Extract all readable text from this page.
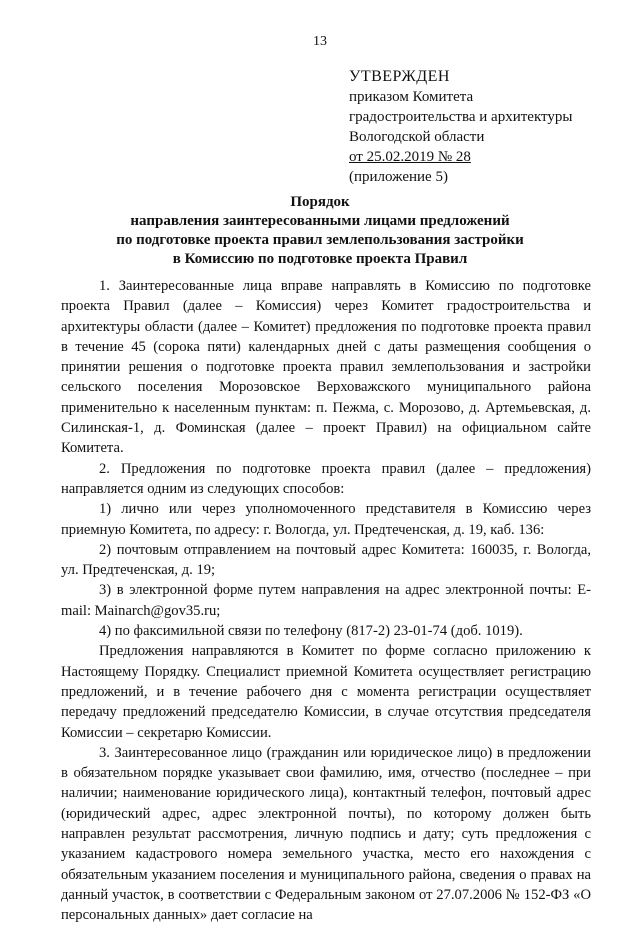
13
УТВЕРЖДЕН
приказом Комитета
градостроительства и архитектуры
Вологодской области
от 25.02.2019 № 28
(приложение 5)
Порядок
направления заинтересованными лицами предложений
по подготовке проекта правил землепользования застройки
в Комиссию по подготовке проекта Правил

1. Заинтересованные лица вправе направлять в Комиссию по подготовке проекта Правил (далее – Комиссия) через Комитет градостроительства и архитектуры области (далее – Комитет) предложения по подготовке проекта правил в течение 45 (сорока пяти) календарных дней с даты размещения сообщения о принятии решения о подготовке проекта правил землепользования и застройки сельского поселения Морозовское Верховажского муниципального района применительно к населенным пунктам: п. Пежма, с. Морозово, д. Артемьевская, д. Силинская-1, д. Фоминская (далее – проект Правил) на официальном сайте Комитета.

2. Предложения по подготовке проекта правил (далее – предложения) направляется одним из следующих способов:

1) лично или через уполномоченного представителя в Комиссию через приемную Комитета, по адресу: г. Вологда, ул. Предтеченская, д. 19, каб. 136:

2) почтовым отправлением на почтовый адрес Комитета: 160035, г. Вологда, ул. Предтеченская, д. 19;

3) в электронной форме путем направления на адрес электронной почты: E-mail: Mainarch@gov35.ru;

4) по факсимильной связи по телефону (817-2) 23-01-74 (доб. 1019).

Предложения направляются в Комитет по форме согласно приложению к Настоящему Порядку. Специалист приемной Комитета осуществляет регистрацию предложений, и в течение рабочего дня с момента регистрации осуществляет передачу предложений председателю Комиссии, в случае отсутствия председателя Комиссии – секретарю Комиссии.

3. Заинтересованное лицо (гражданин или юридическое лицо) в предложении в обязательном порядке указывает свои фамилию, имя, отчество (последнее – при наличии; наименование юридического лица), контактный телефон, почтовый адрес (юридический адрес, адрес электронной почты), по которому должен быть направлен результат рассмотрения, личную подпись и дату; суть предложения с указанием кадастрового номера земельного участка, место его нахождения с обязательным указанием поселения и муниципального района, сведения о правах на данный участок, в соответствии с Федеральным законом от 27.07.2006 № 152-ФЗ «О персональных данных» дает согласие на
